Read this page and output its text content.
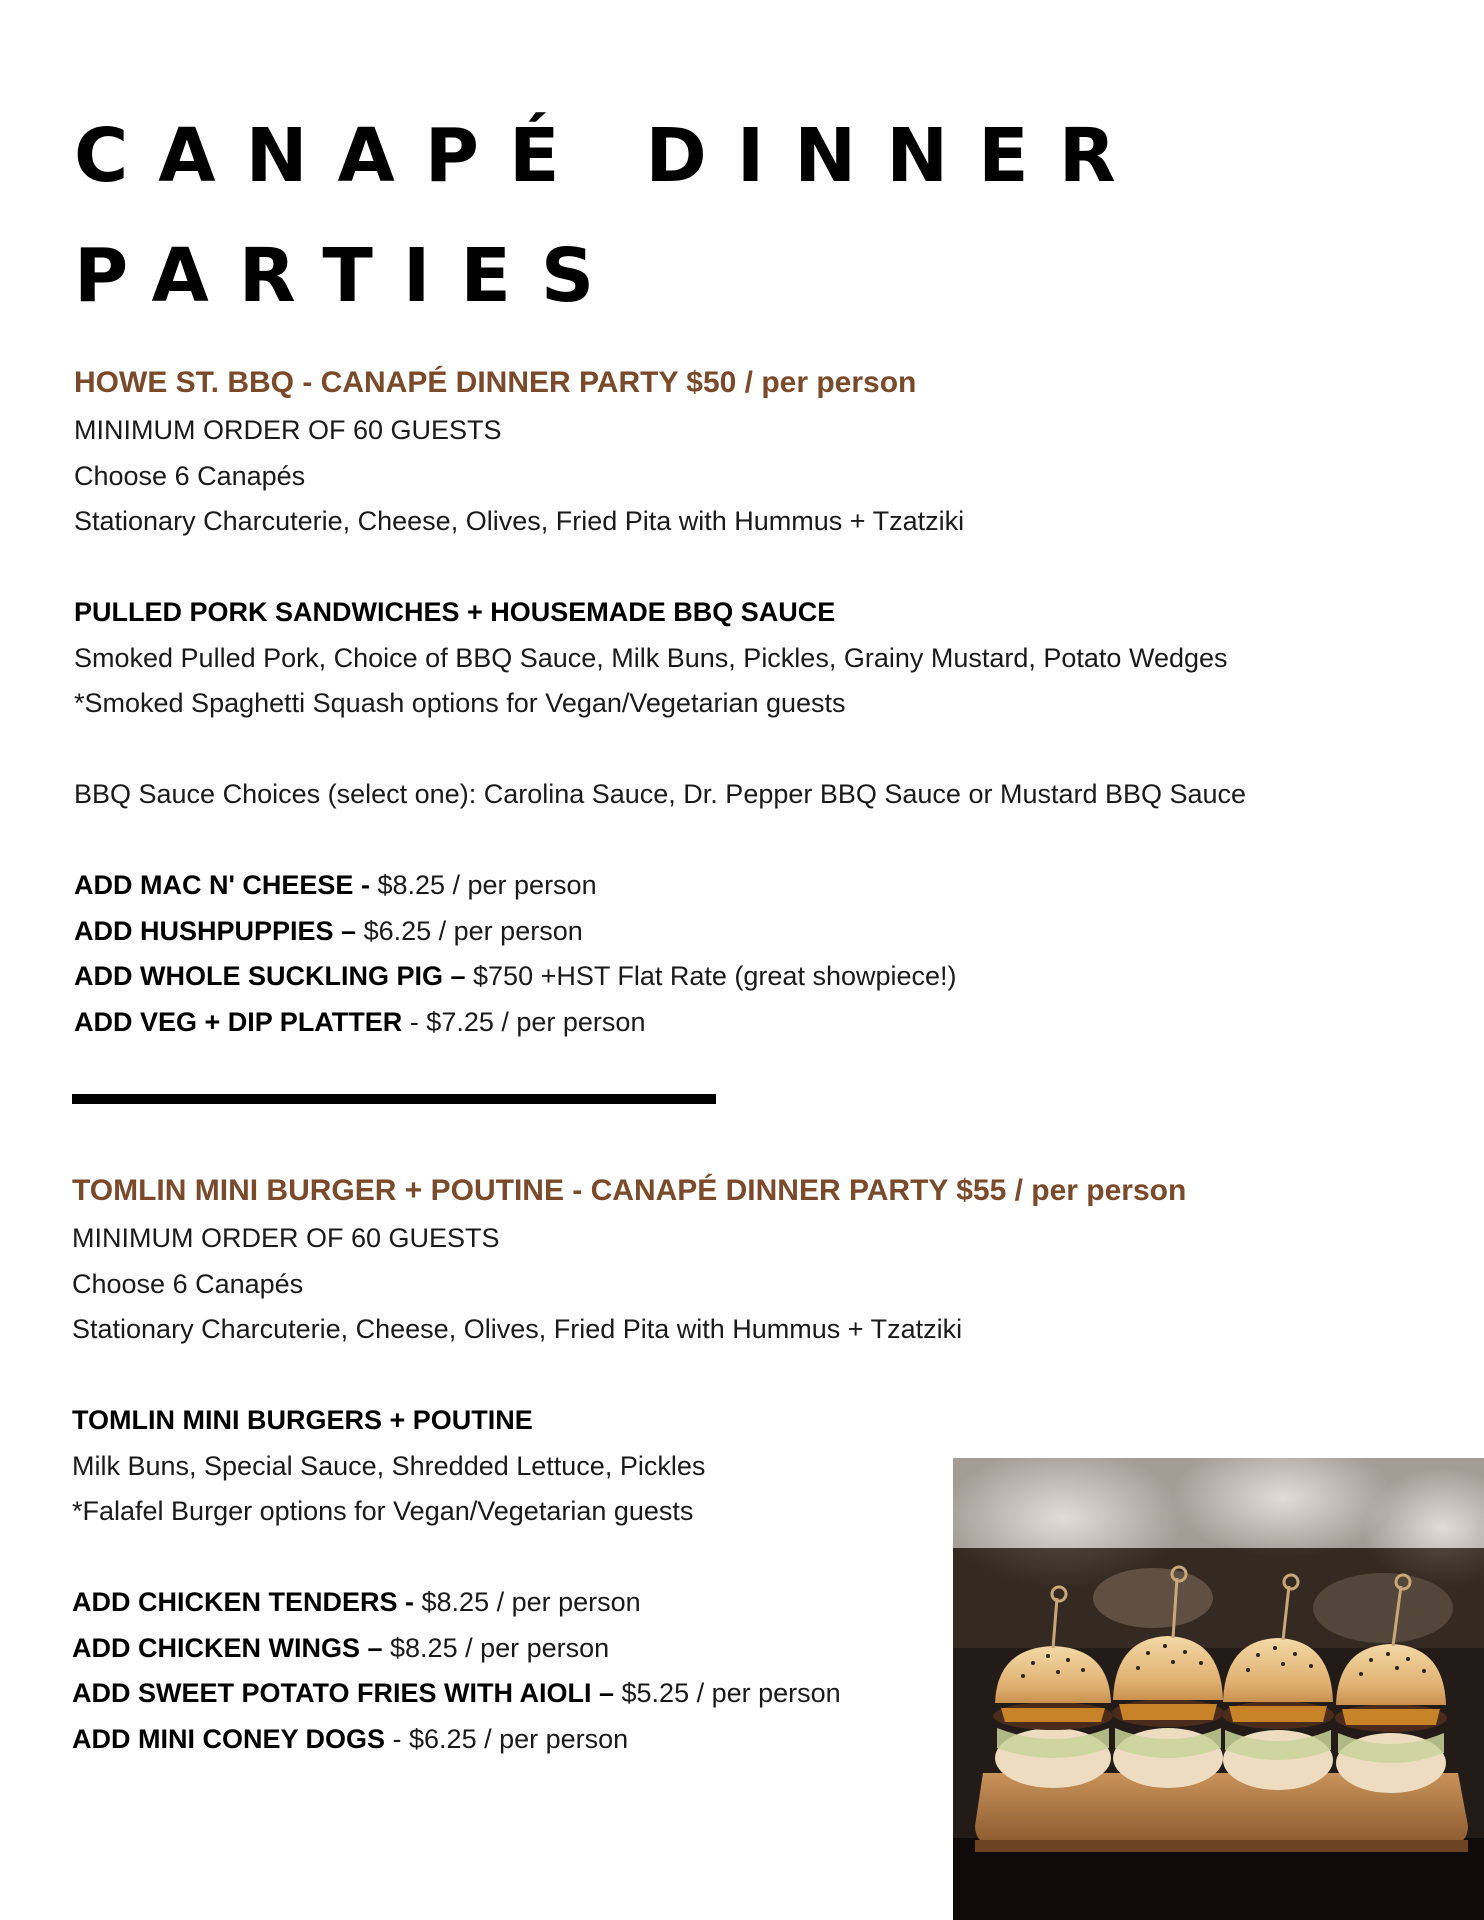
CANAPÉ DINNER PARTIES

HOWE ST. BBQ - CANAPÉ DINNER PARTY $50 / per person

MINIMUM ORDER OF 60 GUESTS

Choose 6 Canapés

Stationary Charcuterie, Cheese, Olives, Fried Pita with Hummus + Tzatziki

PULLED PORK SANDWICHES + HOUSEMADE BBQ SAUCE

Smoked Pulled Pork, Choice of BBQ Sauce, Milk Buns, Pickles, Grainy Mustard, Potato Wedges

*Smoked Spaghetti Squash options for Vegan/Vegetarian guests

BBQ Sauce Choices (select one): Carolina Sauce, Dr. Pepper BBQ Sauce or Mustard BBQ Sauce

ADD MAC N' CHEESE - $8.25 / per person

ADD HUSHPUPPIES – $6.25 / per person

ADD WHOLE SUCKLING PIG – $750 +HST Flat Rate (great showpiece!)

ADD VEG + DIP PLATTER - $7.25 / per person

TOMLIN MINI BURGER + POUTINE - CANAPÉ DINNER PARTY $55 / per person

MINIMUM ORDER OF 60 GUESTS

Choose 6 Canapés

Stationary Charcuterie, Cheese, Olives, Fried Pita with Hummus + Tzatziki

TOMLIN MINI BURGERS + POUTINE

Milk Buns, Special Sauce, Shredded Lettuce, Pickles

*Falafel Burger options for Vegan/Vegetarian guests

ADD CHICKEN TENDERS - $8.25 / per person

ADD CHICKEN WINGS – $8.25 / per person

ADD SWEET POTATO FRIES WITH AIOLI – $5.25 / per person

ADD MINI CONEY DOGS - $6.25 / per person
